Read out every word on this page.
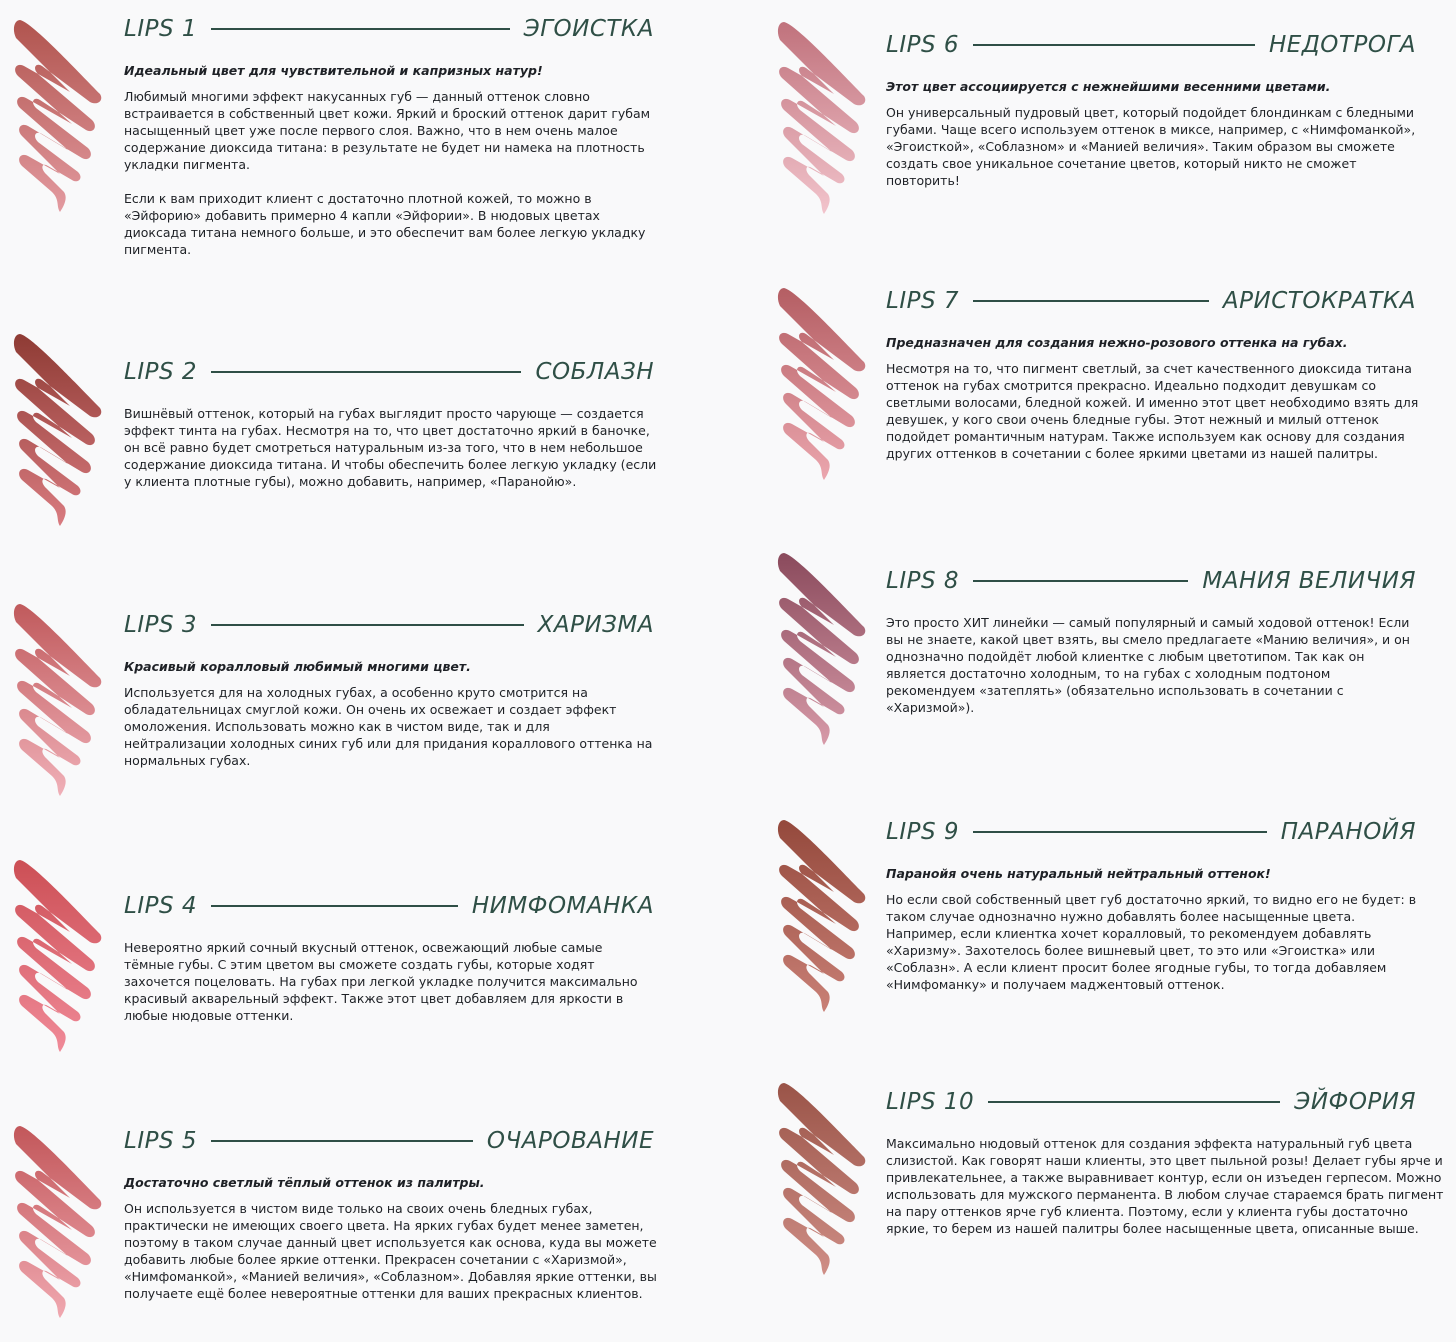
LIPS 1	ЭГОИСТКА

Идеальный цвет для чувствительной и капризных натур!

Любимый многими эффект накусанных губ — данный оттенок словно встраивается в собственный цвет кожи. Яркий и броский оттенок дарит губам насыщенный цвет уже после первого слоя. Важно, что в нем очень малое содержание диоксида титана: в результате не будет ни намека на плотность укладки пигмента.

Если к вам приходит клиент с достаточно плотной кожей, то можно в «Эйфорию» добавить примерно 4 капли «Эйфории». В нюдовых цветах диоксада титана немного больше, и это обеспечит вам более легкую укладку пигмента.

LIPS 2	СОБЛАЗН

Вишнёвый оттенок, который на губах выглядит просто чарующе — создается эффект тинта на губах. Несмотря на то, что цвет достаточно яркий в баночке, он всё равно будет смотреться натуральным из-за того, что в нем небольшое содержание диоксида титана. И чтобы обеспечить более легкую укладку (если у клиента плотные губы), можно добавить, например, «Паранойю».

LIPS 3	ХАРИЗМА

Красивый коралловый любимый многими цвет.

Используется для на холодных губах, а особенно круто смотрится на обладательницах смуглой кожи. Он очень их освежает и создает эффект омоложения. Использовать можно как в чистом виде, так и для нейтрализации холодных синих губ или для придания кораллового оттенка на нормальных губах.

LIPS 4	НИМФОМАНКА

Невероятно яркий сочный вкусный оттенок, освежающий любые самые тёмные губы. С этим цветом вы сможете создать губы, которые ходят захочется поцеловать. На губах при легкой укладке получится максимально красивый акварельный эффект. Также этот цвет добавляем для яркости в любые нюдовые оттенки.

LIPS 5	ОЧАРОВАНИЕ

Достаточно светлый тёплый оттенок из палитры.

Он используется в чистом виде только на своих очень бледных губах, практически не имеющих своего цвета. На ярких губах будет менее заметен, поэтому в таком случае данный цвет используется как основа, куда вы можете добавить любые более яркие оттенки. Прекрасен сочетании с «Харизмой», «Нимфоманкой», «Манией величия», «Соблазном». Добавляя яркие оттенки, вы получаете ещё более невероятные оттенки для ваших прекрасных клиентов.

LIPS 6	НЕДОТРОГА

Этот цвет ассоциируется с нежнейшими весенними цветами.

Он универсальный пудровый цвет, который подойдет блондинкам с бледными губами. Чаще всего используем оттенок в миксе, например, с «Нимфоманкой», «Эгоисткой», «Соблазном» и «Манией величия». Таким образом вы сможете создать свое уникальное сочетание цветов, который никто не сможет повторить!

LIPS 7	АРИСТОКРАТКА

Предназначен для создания нежно-розового оттенка на губах.

Несмотря на то, что пигмент светлый, за счет качественного диоксида титана оттенок на губах смотрится прекрасно. Идеально подходит девушкам со светлыми волосами, бледной кожей. И именно этот цвет необходимо взять для девушек, у кого свои очень бледные губы. Этот нежный и милый оттенок подойдет романтичным натурам. Также используем как основу для создания других оттенков в сочетании с более яркими цветами из нашей палитры.

LIPS 8	МАНИЯ ВЕЛИЧИЯ

Это просто ХИТ линейки — самый популярный и самый ходовой оттенок! Если вы не знаете, какой цвет взять, вы смело предлагаете «Манию величия», и он однозначно подойдёт любой клиентке с любым цветотипом. Так как он является достаточно холодным, то на губах с холодным подтоном рекомендуем «затеплять» (обязательно использовать в сочетании с «Харизмой»).

LIPS 9	ПАРАНОЙЯ

Паранойя очень натуральный нейтральный оттенок!

Но если свой собственный цвет губ достаточно яркий, то видно его не будет: в таком случае однозначно нужно добавлять более насыщенные цвета. Например, если клиентка хочет коралловый, то рекомендуем добавлять «Харизму». Захотелось более вишневый цвет, то это или «Эгоистка» или «Соблазн». А если клиент просит более ягодные губы, то тогда добавляем «Нимфоманку» и получаем маджентовый оттенок.

LIPS 10	ЭЙФОРИЯ

Максимально нюдовый оттенок для создания эффекта натуральный губ цвета слизистой. Как говорят наши клиенты, это цвет пыльной розы! Делает губы ярче и привлекательнее, а также выравнивает контур, если он изъеден герпесом. Можно использовать для мужского перманента. В любом случае стараемся брать пигмент на пару оттенков ярче губ клиента. Поэтому, если у клиента губы достаточно яркие, то берем из нашей палитры более насыщенные цвета, описанные выше.
